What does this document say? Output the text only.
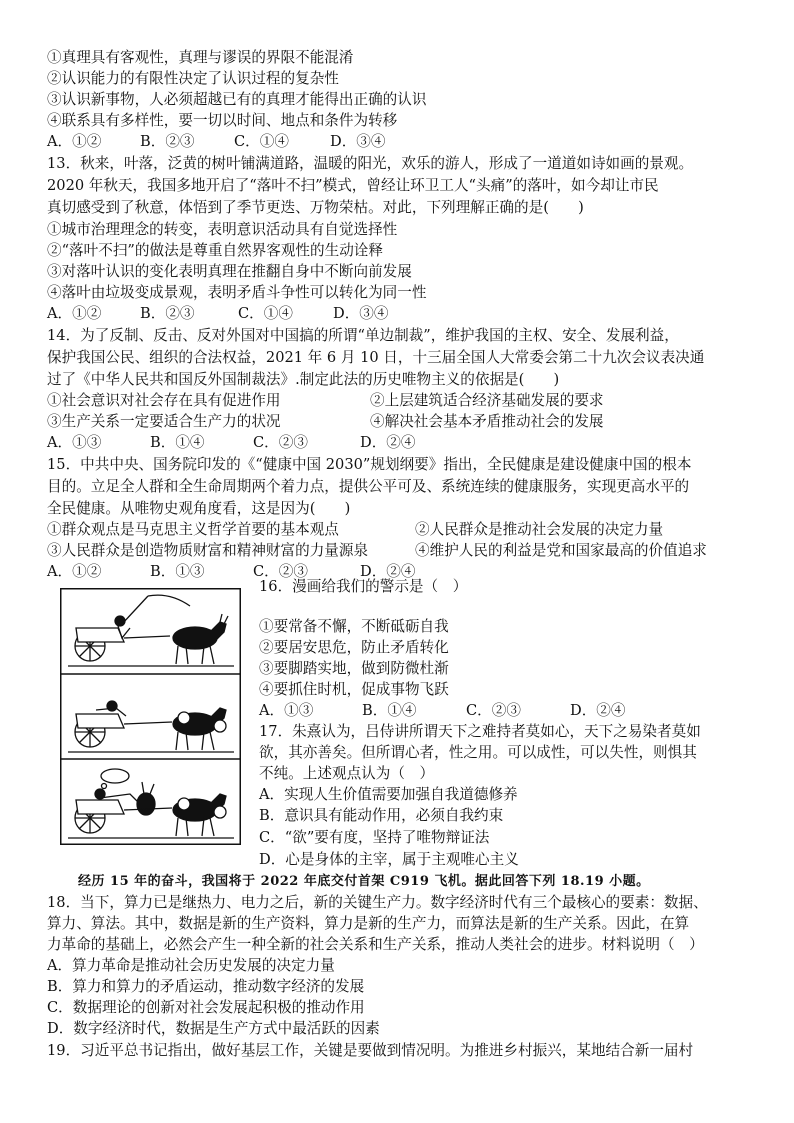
①真理具有客观性，真理与谬误的界限不能混淆
②认识能力的有限性决定了认识过程的复杂性
③认识新事物，人必须超越已有的真理才能得出正确的认识
④联系具有多样性，要一切以时间、地点和条件为转移
A．①②	B．②③	C．①④	D．③④
13．秋来，叶落，泛黄的树叶铺满道路，温暖的阳光，欢乐的游人，形成了一道道如诗如画的景观。
2020 年秋天，我国多地开启了“落叶不扫”模式，曾经让环卫工人“头痛”的落叶，如今却让市民
真切感受到了秋意，体悟到了季节更迭、万物荣枯。对此，下列理解正确的是(　　)
①城市治理理念的转变，表明意识活动具有自觉选择性
②“落叶不扫”的做法是尊重自然界客观性的生动诠释
③对落叶认识的变化表明真理在推翻自身中不断向前发展
④落叶由垃圾变成景观，表明矛盾斗争性可以转化为同一性
A．①②	B．②③	C．①④	D．③④
14．为了反制、反击、反对外国对中国搞的所谓“单边制裁”，维护我国的主权、安全、发展利益，
保护我国公民、组织的合法权益，2021 年 6 月 10 日，十三届全国人大常委会第二十九次会议表决通
过了《中华人民共和国反外国制裁法》.制定此法的历史唯物主义的依据是(　　)
①社会意识对社会存在具有促进作用	②上层建筑适合经济基础发展的要求
③生产关系一定要适合生产力的状况	④解决社会基本矛盾推动社会的发展
A．①③	B．①④	C．②③	D．②④
15．中共中央、国务院印发的《“健康中国 2030”规划纲要》指出，全民健康是建设健康中国的根本
目的。立足全人群和全生命周期两个着力点，提供公平可及、系统连续的健康服务，实现更高水平的
全民健康。从唯物史观角度看，这是因为(　　)
①群众观点是马克思主义哲学首要的基本观点	②人民群众是推动社会发展的决定力量
③人民群众是创造物质财富和精神财富的力量源泉	④维护人民的利益是党和国家最高的价值追求
A．①②	B．①③	C．②③	D．②④
16．漫画给我们的警示是（　）
①要常备不懈，不断砥砺自我
②要居安思危，防止矛盾转化
③要脚踏实地，做到防微杜渐
④要抓住时机，促成事物飞跃
A．①③	B．①④	C．②③	D．②④
17．朱熹认为，吕侍讲所谓天下之难持者莫如心，天下之易染者莫如
欲，其亦善矣。但所谓心者，性之用。可以成性，可以失性，则惧其
不纯。上述观点认为（　）
A．实现人生价值需要加强自我道德修养
B．意识具有能动作用，必须自我约束
C．“欲”要有度，坚持了唯物辩证法
D．心是身体的主宰，属于主观唯心主义
经历 15 年的奋斗，我国将于 2022 年底交付首架 C919 飞机。据此回答下列 18.19 小题。
18．当下，算力已是继热力、电力之后，新的关键生产力。数字经济时代有三个最核心的要素：数据、
算力、算法。其中，数据是新的生产资料，算力是新的生产力，而算法是新的生产关系。因此，在算
力革命的基础上，必然会产生一种全新的社会关系和生产关系，推动人类社会的进步。材料说明（　）
A．算力革命是推动社会历史发展的决定力量
B．算力和算力的矛盾运动，推动数字经济的发展
C．数据理论的创新对社会发展起积极的推动作用
D．数字经济时代，数据是生产方式中最活跃的因素
19．习近平总书记指出，做好基层工作，关键是要做到情况明。为推进乡村振兴，某地结合新一届村
